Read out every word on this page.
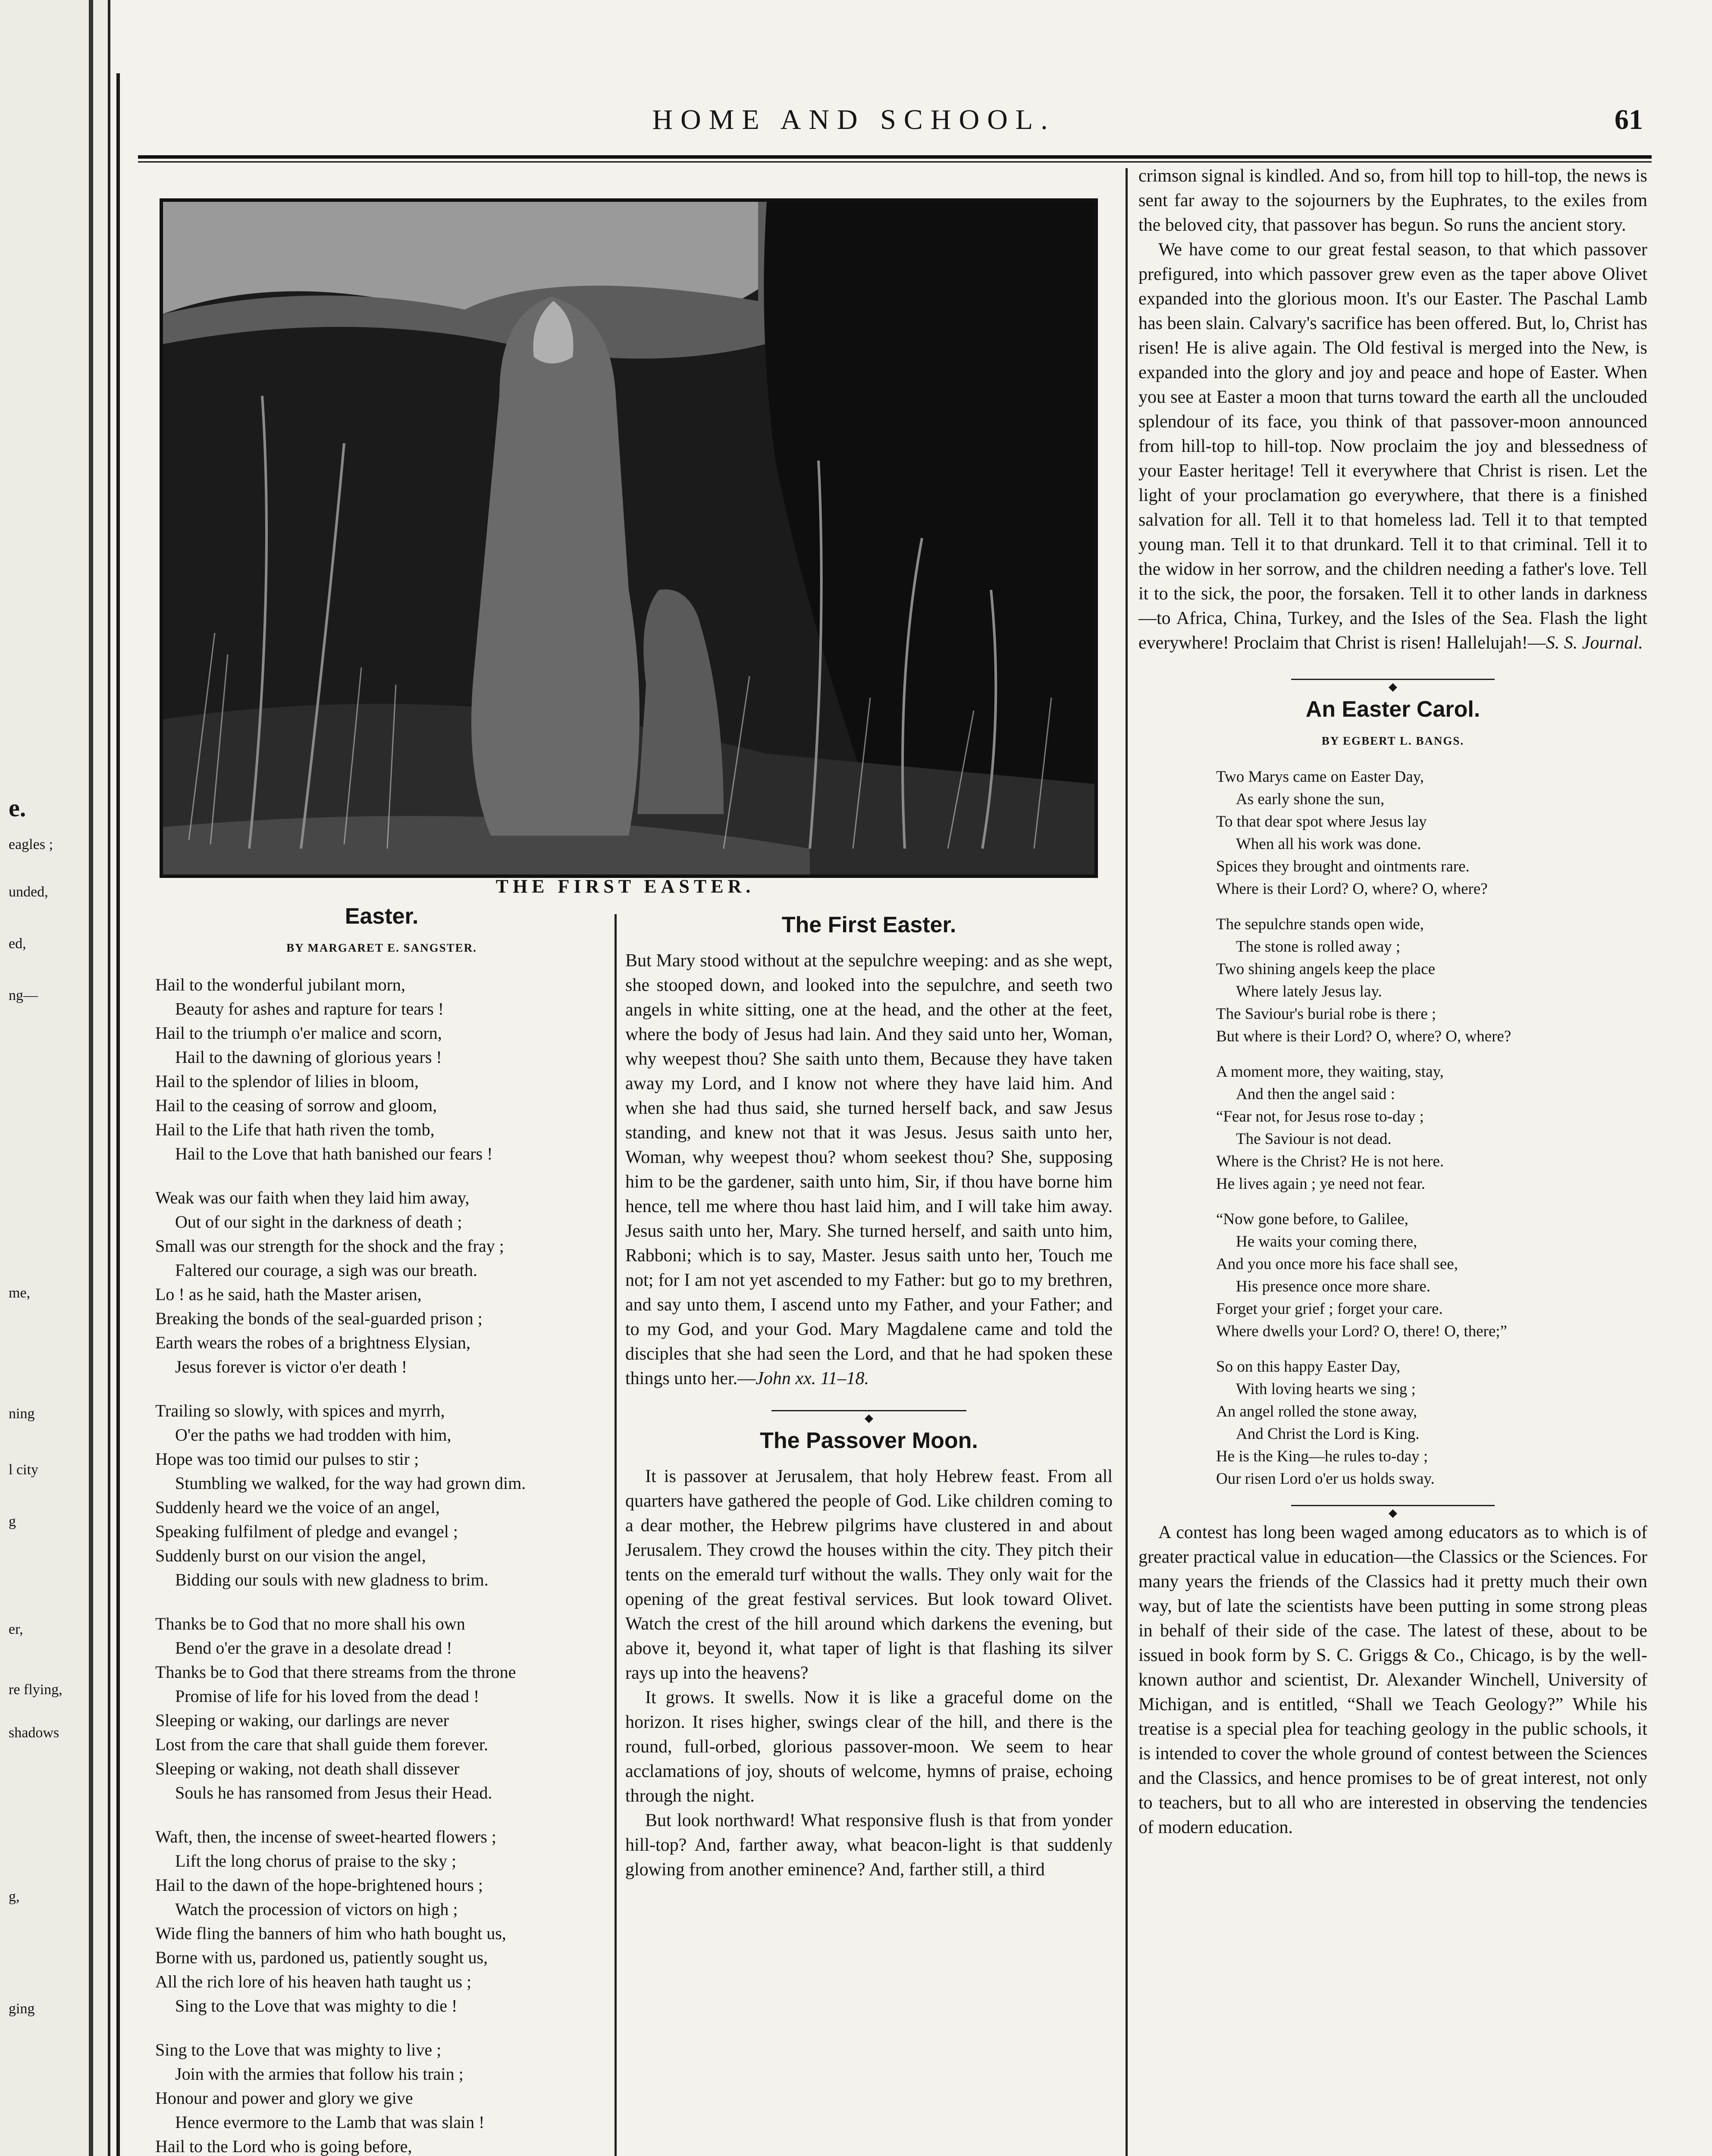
e.
eagles ;
unded,
ed,
ng—
me,
ning
l city
g
er,
re flying,
shadows
g,
ging
HOME AND SCHOOL.	61
THE FIRST EASTER.
Easter.
BY MARGARET E. SANGSTER.
Hail to the wonderful jubilant morn,
Beauty for ashes and rapture for tears !
Hail to the triumph o'er malice and scorn,
Hail to the dawning of glorious years !
Hail to the splendor of lilies in bloom,
Hail to the ceasing of sorrow and gloom,
Hail to the Life that hath riven the tomb,
Hail to the Love that hath banished our fears !
Weak was our faith when they laid him away,
Out of our sight in the darkness of death ;
Small was our strength for the shock and the fray ;
Faltered our courage, a sigh was our breath.
Lo ! as he said, hath the Master arisen,
Breaking the bonds of the seal-guarded prison ;
Earth wears the robes of a brightness Elysian,
Jesus forever is victor o'er death !
Trailing so slowly, with spices and myrrh,
O'er the paths we had trodden with him,
Hope was too timid our pulses to stir ;
Stumbling we walked, for the way had grown dim.
Suddenly heard we the voice of an angel,
Speaking fulfilment of pledge and evangel ;
Suddenly burst on our vision the angel,
Bidding our souls with new gladness to brim.
Thanks be to God that no more shall his own
Bend o'er the grave in a desolate dread !
Thanks be to God that there streams from the throne
Promise of life for his loved from the dead !
Sleeping or waking, our darlings are never
Lost from the care that shall guide them forever.
Sleeping or waking, not death shall dissever
Souls he has ransomed from Jesus their Head.
Waft, then, the incense of sweet-hearted flowers ;
Lift the long chorus of praise to the sky ;
Hail to the dawn of the hope-brightened hours ;
Watch the procession of victors on high ;
Wide fling the banners of him who hath bought us,
Borne with us, pardoned us, patiently sought us,
All the rich lore of his heaven hath taught us ;
Sing to the Love that was mighty to die !
Sing to the Love that was mighty to live ;
Join with the armies that follow his train ;
Honour and power and glory we give
Hence evermore to the Lamb that was slain !
Hail to the Lord who is going before,

The First Easter.

But Mary stood without at the sepulchre weeping: and as she wept, she stooped down, and looked into the sepulchre, and seeth two angels in white sitting, one at the head, and the other at the feet, where the body of Jesus had lain. And they said unto her, Woman, why weepest thou? She saith unto them, Because they have taken away my Lord, and I know not where they have laid him. And when she had thus said, she turned herself back, and saw Jesus standing, and knew not that it was Jesus. Jesus saith unto her, Woman, why weepest thou? whom seekest thou? She, supposing him to be the gardener, saith unto him, Sir, if thou have borne him hence, tell me where thou hast laid him, and I will take him away. Jesus saith unto her, Mary. She turned herself, and saith unto him, Rabboni; which is to say, Master. Jesus saith unto her, Touch me not; for I am not yet ascended to my Father: but go to my brethren, and say unto them, I ascend unto my Father, and your Father; and to my God, and your God. Mary Magdalene came and told the disciples that she had seen the Lord, and that he had spoken these things unto her.—John xx. 11–18.

◆
The Passover Moon.

It is passover at Jerusalem, that holy Hebrew feast. From all quarters have gathered the people of God. Like children coming to a dear mother, the Hebrew pilgrims have clustered in and about Jerusalem. They crowd the houses within the city. They pitch their tents on the emerald turf without the walls. They only wait for the opening of the great festival services. But look toward Olivet. Watch the crest of the hill around which darkens the evening, but above it, beyond it, what taper of light is that flashing its silver rays up into the heavens?

It grows. It swells. Now it is like a graceful dome on the horizon. It rises higher, swings clear of the hill, and there is the round, full-orbed, glorious passover-moon. We seem to hear acclamations of joy, shouts of welcome, hymns of praise, echoing through the night.

But look northward! What responsive flush is that from yonder hill-top? And, farther away, what beacon-light is that suddenly glowing from another eminence? And, farther still, a third

crimson signal is kindled. And so, from hill top to hill-top, the news is sent far away to the sojourners by the Euphrates, to the exiles from the beloved city, that passover has begun. So runs the ancient story.

We have come to our great festal season, to that which passover prefigured, into which passover grew even as the taper above Olivet expanded into the glorious moon. It's our Easter. The Paschal Lamb has been slain. Calvary's sacrifice has been offered. But, lo, Christ has risen! He is alive again. The Old festival is merged into the New, is expanded into the glory and joy and peace and hope of Easter. When you see at Easter a moon that turns toward the earth all the unclouded splendour of its face, you think of that passover-moon announced from hill-top to hill-top. Now proclaim the joy and blessedness of your Easter heritage! Tell it everywhere that Christ is risen. Let the light of your proclamation go everywhere, that there is a finished salvation for all. Tell it to that homeless lad. Tell it to that tempted young man. Tell it to that drunkard. Tell it to that criminal. Tell it to the widow in her sorrow, and the children needing a father's love. Tell it to the sick, the poor, the forsaken. Tell it to other lands in darkness—to Africa, China, Turkey, and the Isles of the Sea. Flash the light everywhere! Proclaim that Christ is risen! Hallelujah!—S. S. Journal.

◆
An Easter Carol.
BY EGBERT L. BANGS.
Two Marys came on Easter Day,
As early shone the sun,
To that dear spot where Jesus lay
When all his work was done.
Spices they brought and ointments rare.
Where is their Lord? O, where? O, where?
The sepulchre stands open wide,
The stone is rolled away ;
Two shining angels keep the place
Where lately Jesus lay.
The Saviour's burial robe is there ;
But where is their Lord? O, where? O, where?
A moment more, they waiting, stay,
And then the angel said :
“Fear not, for Jesus rose to-day ;
The Saviour is not dead.
Where is the Christ? He is not here.
He lives again ; ye need not fear.
“Now gone before, to Galilee,
He waits your coming there,
And you once more his face shall see,
His presence once more share.
Forget your grief ; forget your care.
Where dwells your Lord? O, there! O, there;”
So on this happy Easter Day,
With loving hearts we sing ;
An angel rolled the stone away,
And Christ the Lord is King.
He is the King—he rules to-day ;
Our risen Lord o'er us holds sway.
◆

A contest has long been waged among educators as to which is of greater practical value in education—the Classics or the Sciences. For many years the friends of the Classics had it pretty much their own way, but of late the scientists have been putting in some strong pleas in behalf of their side of the case. The latest of these, about to be issued in book form by S. C. Griggs & Co., Chicago, is by the well-known author and scientist, Dr. Alexander Winchell, University of Michigan, and is entitled, “Shall we Teach Geology?” While his treatise is a special plea for teaching geology in the public schools, it is intended to cover the whole ground of contest between the Sciences and the Classics, and hence promises to be of great interest, not only to teachers, but to all who are interested in observing the tendencies of modern education.
